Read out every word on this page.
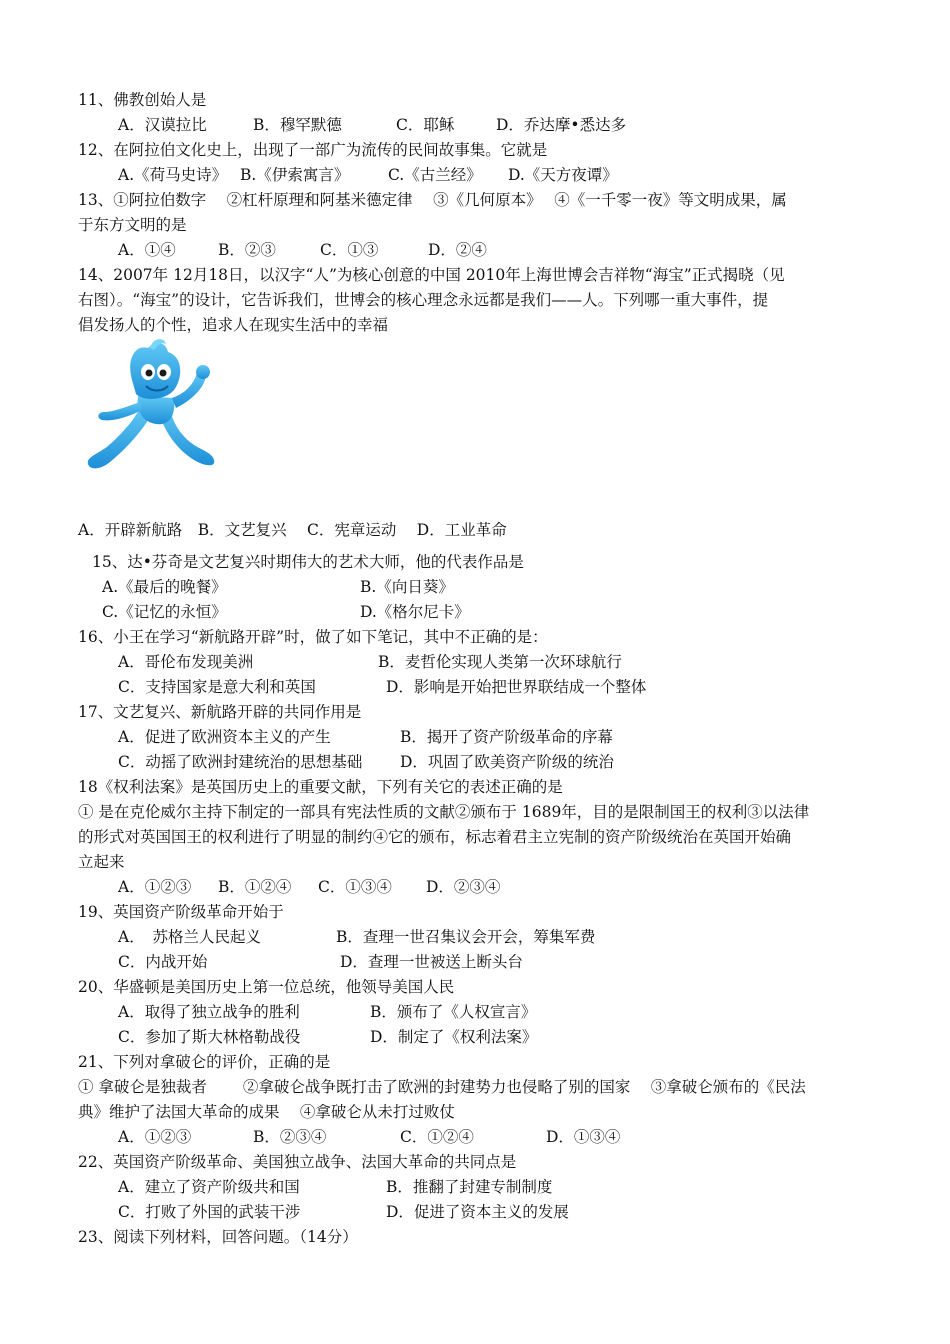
11、佛教创始人是
A．汉谟拉比	B．穆罕默德	C．耶稣	D．乔达摩•悉达多
12、在阿拉伯文化史上，出现了一部广为流传的民间故事集。它就是
A.《荷马史诗》 B.《伊索寓言》 C.《古兰经》 D.《天方夜谭》
13、①阿拉伯数字　 ②杠杆原理和阿基米德定律　 ③《几何原本》　 ④《一千零一夜》等文明成果，属
于东方文明的是
A．①④	B．②③	C．①③	D．②④
14、2007年 12月18日，以汉字“人”为核心创意的中国 2010年上海世博会吉祥物“海宝”正式揭晓（见
右图）。“海宝”的设计，它告诉我们，世博会的核心理念永远都是我们——人。下列哪一重大事件，提
倡发扬人的个性，追求人在现实生活中的幸福
A．开辟新航路　B．文艺复兴　 C．宪章运动　 D．工业革命
15、达•芬奇是文艺复兴时期伟大的艺术大师，他的代表作品是
A.《最后的晚餐》	B.《向日葵》
C.《记忆的永恒》	D.《格尔尼卡》
16、小王在学习“新航路开辟”时，做了如下笔记，其中不正确的是：
A．哥伦布发现美洲	B．麦哲伦实现人类第一次环球航行
C．支持国家是意大利和英国	D．影响是开始把世界联结成一个整体
17、文艺复兴、新航路开辟的共同作用是
A．促进了欧洲资本主义的产生	B．揭开了资产阶级革命的序幕
C．动摇了欧洲封建统治的思想基础 D．巩固了欧美资产阶级的统治
18《权利法案》是英国历史上的重要文献，下列有关它的表述正确的是
① 是在克伦威尔主持下制定的一部具有宪法性质的文献②颁布于 1689年，目的是限制国王的权利③以法律
的形式对英国国王的权利进行了明显的制约④它的颁布，标志着君主立宪制的资产阶级统治在英国开始确
立起来
A．①②③ B．①②④ C．①③④ D．②③④
19、英国资产阶级革命开始于
A．　苏格兰人民起义	B．查理一世召集议会开会，筹集军费
C．内战开始	D．查理一世被送上断头台
20、华盛顿是美国历史上第一位总统，他领导美国人民
A．取得了独立战争的胜利	B．颁布了《人权宣言》
C．参加了斯大林格勒战役	D．制定了《权利法案》
21、下列对拿破仑的评价，正确的是
① 拿破仑是独裁者　　 ②拿破仑战争既打击了欧洲的封建势力也侵略了别的国家　 ③拿破仑颁布的《民法
典》维护了法国大革命的成果　 ④拿破仑从未打过败仗
A．①②③	B．②③④	C．①②④	D．①③④
22、英国资产阶级革命、美国独立战争、法国大革命的共同点是
A．建立了资产阶级共和国	B．推翻了封建专制制度
C．打败了外国的武装干涉	D．促进了资本主义的发展
23、阅读下列材料，回答问题。（14分）
